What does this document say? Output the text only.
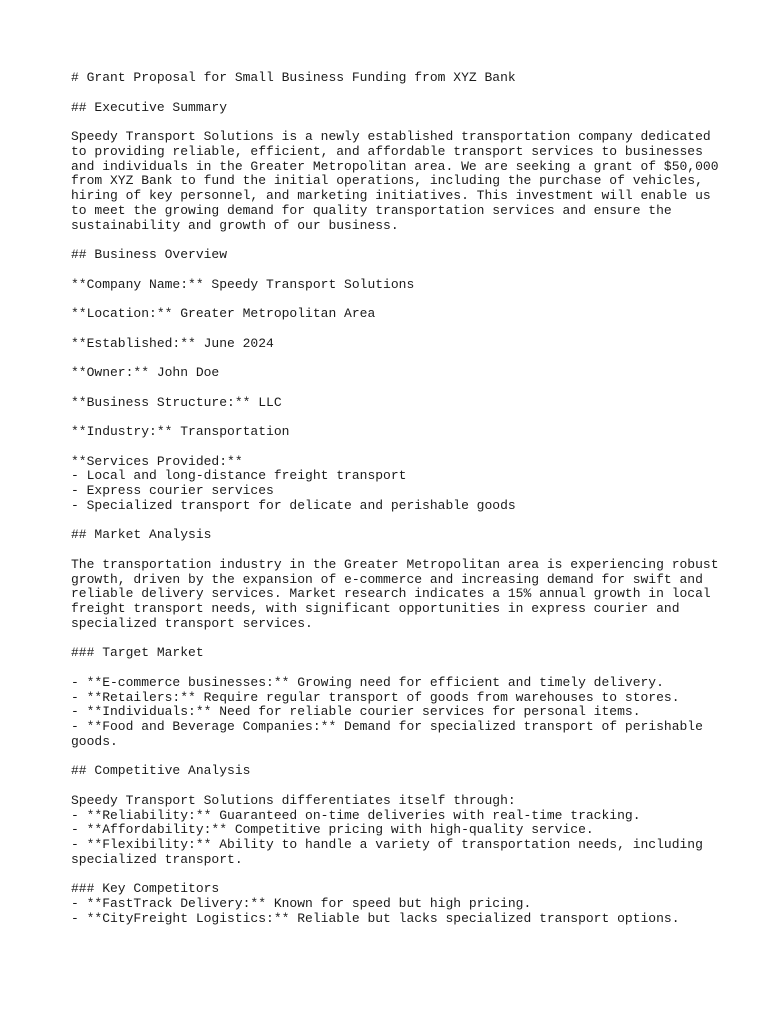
# Grant Proposal for Small Business Funding from XYZ Bank
## Executive Summary
Speedy Transport Solutions is a newly established transportation company dedicated
to providing reliable, efficient, and affordable transport services to businesses
and individuals in the Greater Metropolitan area. We are seeking a grant of $50,000
from XYZ Bank to fund the initial operations, including the purchase of vehicles,
hiring of key personnel, and marketing initiatives. This investment will enable us
to meet the growing demand for quality transportation services and ensure the
sustainability and growth of our business.
## Business Overview
**Company Name:** Speedy Transport Solutions
**Location:** Greater Metropolitan Area
**Established:** June 2024
**Owner:** John Doe
**Business Structure:** LLC
**Industry:** Transportation
**Services Provided:**
- Local and long-distance freight transport
- Express courier services
- Specialized transport for delicate and perishable goods
## Market Analysis
The transportation industry in the Greater Metropolitan area is experiencing robust
growth, driven by the expansion of e-commerce and increasing demand for swift and
reliable delivery services. Market research indicates a 15% annual growth in local
freight transport needs, with significant opportunities in express courier and
specialized transport services.
### Target Market
- **E-commerce businesses:** Growing need for efficient and timely delivery.
- **Retailers:** Require regular transport of goods from warehouses to stores.
- **Individuals:** Need for reliable courier services for personal items.
- **Food and Beverage Companies:** Demand for specialized transport of perishable
goods.
## Competitive Analysis
Speedy Transport Solutions differentiates itself through:
- **Reliability:** Guaranteed on-time deliveries with real-time tracking.
- **Affordability:** Competitive pricing with high-quality service.
- **Flexibility:** Ability to handle a variety of transportation needs, including
specialized transport.
### Key Competitors
- **FastTrack Delivery:** Known for speed but high pricing.
- **CityFreight Logistics:** Reliable but lacks specialized transport options.
